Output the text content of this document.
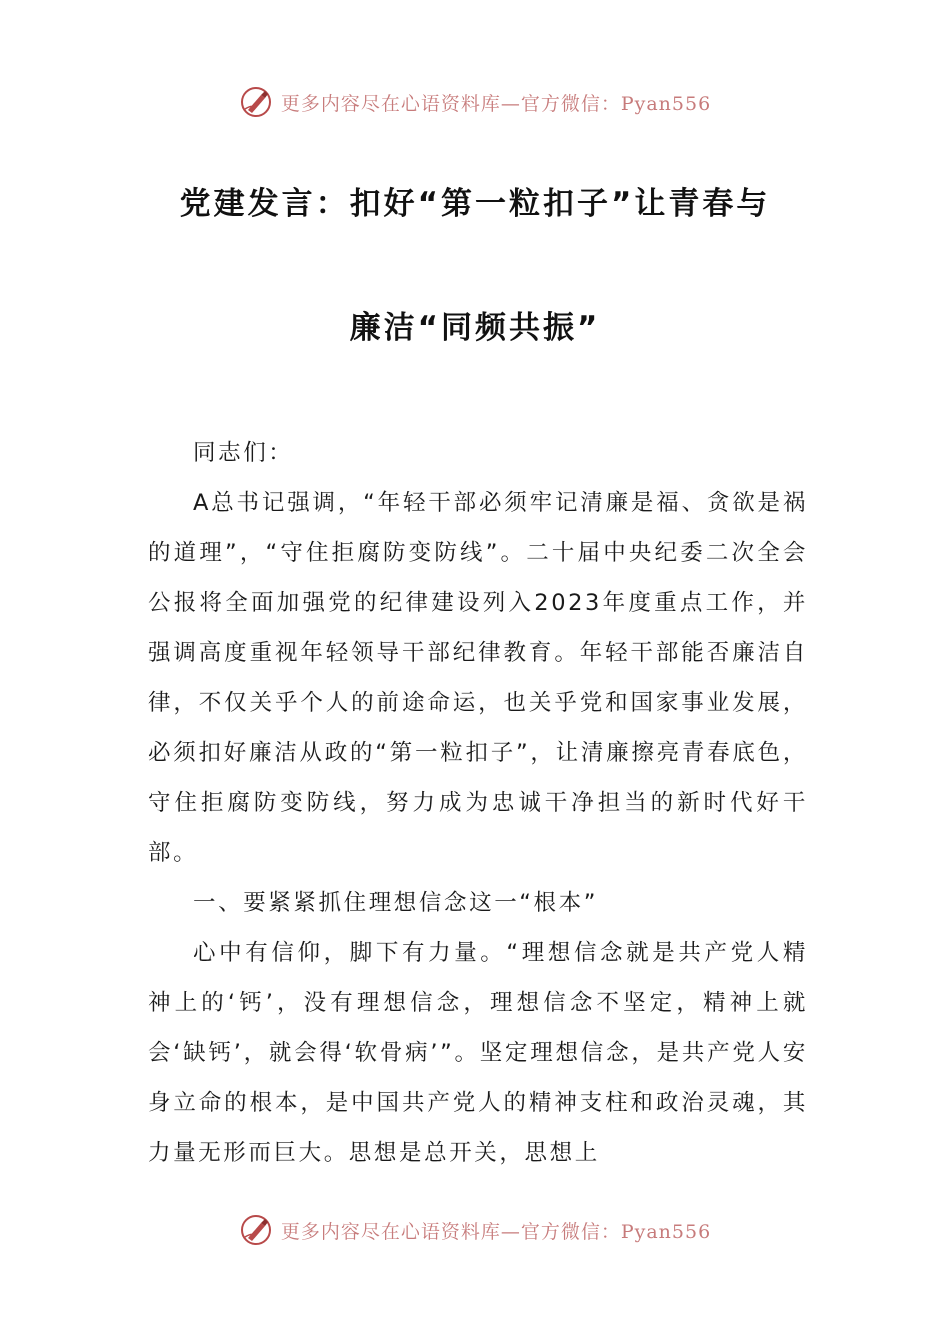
更多内容尽在心语资料库—官方微信：Pyan556
党建发言：扣好“第一粒扣子”让青春与
廉洁“同频共振”

同志们：

A总书记强调，“年轻干部必须牢记清廉是福、贪欲是祸的道理”，“守住拒腐防变防线”。二十届中央纪委二次全会公报将全面加强党的纪律建设列入2023年度重点工作，并强调高度重视年轻领导干部纪律教育。年轻干部能否廉洁自律，不仅关乎个人的前途命运，也关乎党和国家事业发展，必须扣好廉洁从政的“第一粒扣子”，让清廉擦亮青春底色，守住拒腐防变防线，努力成为忠诚干净担当的新时代好干部。

一、要紧紧抓住理想信念这一“根本”

心中有信仰，脚下有力量。“理想信念就是共产党人精神上的‘钙’，没有理想信念，理想信念不坚定，精神上就会‘缺钙’，就会得‘软骨病’”。坚定理想信念，是共产党人安身立命的根本，是中国共产党人的精神支柱和政治灵魂，其力量无形而巨大。思想是总开关，思想上

更多内容尽在心语资料库—官方微信：Pyan556
